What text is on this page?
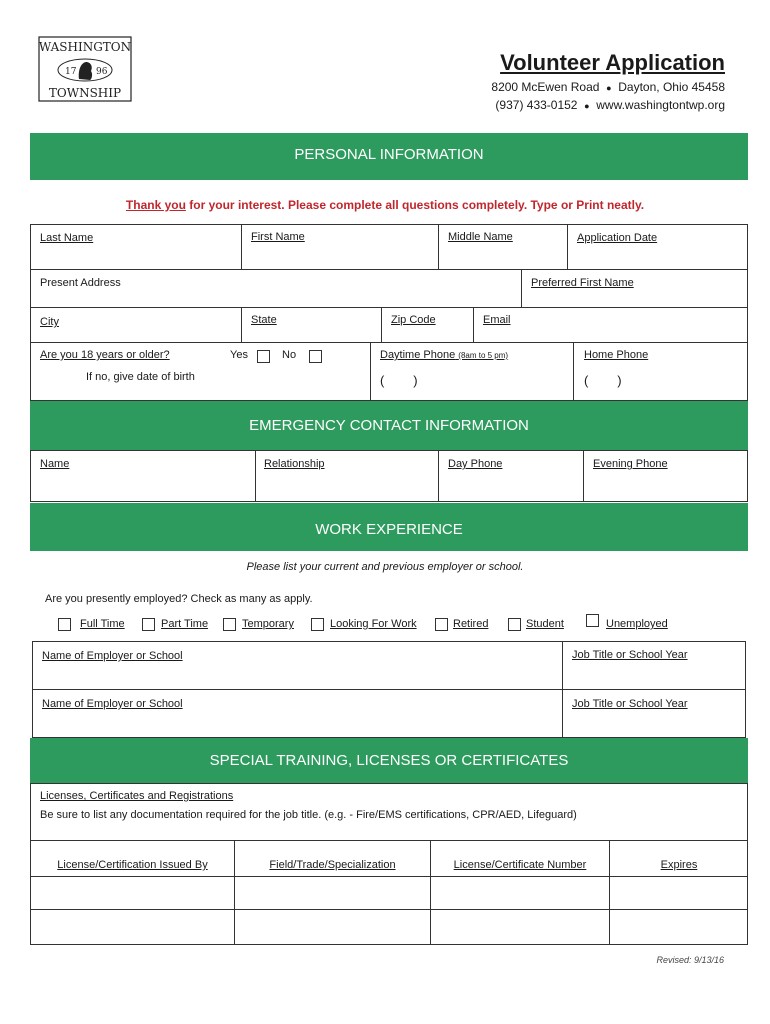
WASHINGTON
TOWNSHIP
17 96	Volunteer Application
8200 McEwen Road ● Dayton, Ohio 45458
(937) 433-0152 ● www.washingtontwp.org
PERSONAL INFORMATION
Thank you for your interest. Please complete all questions completely. Type or Print neatly.
Last Name	First Name	Middle Name	Application Date
Present Address	Preferred First Name
City	State	Zip Code	Email
Are you 18 years or older?	Yes	No
If no, give date of birth
Daytime Phone (8am to 5 pm)
(        )
Home Phone
(        )
EMERGENCY CONTACT INFORMATION
Name	Relationship	Day Phone	Evening Phone
WORK EXPERIENCE
Please list your current and previous employer or school.
Are you presently employed? Check as many as apply.
Full Time	Part Time	Temporary	Looking For Work	Retired	Student	Unemployed
Name of Employer or School	Job Title or School Year
Name of Employer or School	Job Title or School Year
SPECIAL TRAINING, LICENSES OR CERTIFICATES
Licenses, Certificates and Registrations
Be sure to list any documentation required for the job title. (e.g. - Fire/EMS certifications, CPR/AED, Lifeguard)
License/Certification Issued By	Field/Trade/Specialization	License/Certificate Number	Expires
Revised: 9/13/16
